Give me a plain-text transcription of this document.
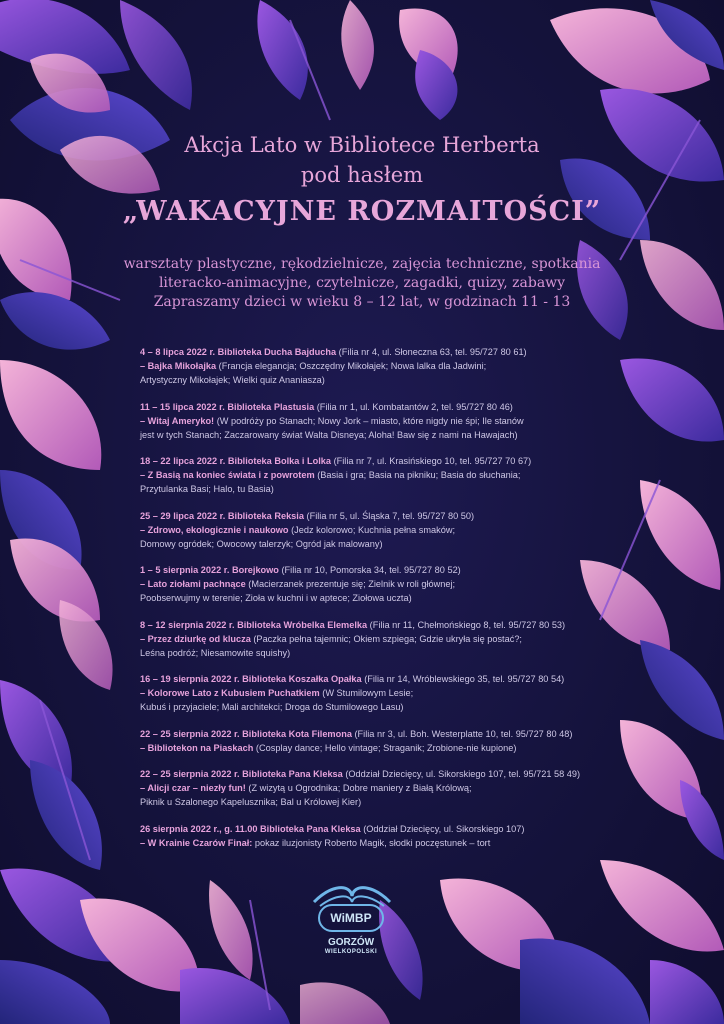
Akcja Lato w Bibliotece Herberta
pod hasłem
„WAKACYJNE ROZMAITOŚCI”
warsztaty plastyczne, rękodzielnicze, zajęcia techniczne, spotkania
literacko-animacyjne, czytelnicze, zagadki, quizy, zabawy
Zapraszamy dzieci w wieku 8 – 12 lat, w godzinach 11 - 13
4 – 8 lipca 2022 r. Biblioteka Ducha Bajducha (Filia nr 4, ul. Słoneczna 63, tel. 95/727 80 61)
– Bajka Mikołajka (Francja elegancja; Oszczędny Mikołajek; Nowa lalka dla Jadwini;
Artystyczny Mikołajek; Wielki quiz Ananiasza)
11 – 15 lipca 2022 r. Biblioteka Plastusia (Filia nr 1, ul. Kombatantów 2, tel. 95/727 80 46)
– Witaj Ameryko! (W podróży po Stanach; Nowy Jork – miasto, które nigdy nie śpi; Ile stanów
jest w tych Stanach; Zaczarowany świat Walta Disneya; Aloha! Baw się z nami na Hawajach)
18 – 22 lipca 2022 r. Biblioteka Bolka i Lolka (Filia nr 7, ul. Krasińskiego 10, tel. 95/727 70 67)
– Z Basią na koniec świata i z powrotem (Basia i gra; Basia na pikniku; Basia do słuchania;
Przytulanka Basi; Halo, tu Basia)
25 – 29 lipca 2022 r. Biblioteka Reksia (Filia nr 5, ul. Śląska 7, tel. 95/727 80 50)
– Zdrowo, ekologicznie i naukowo (Jedz kolorowo; Kuchnia pełna smaków;
Domowy ogródek; Owocowy talerzyk; Ogród jak malowany)
1 – 5 sierpnia 2022 r. Borejkowo (Filia nr 10, Pomorska 34, tel. 95/727 80 52)
– Lato ziołami pachnące (Macierzanek prezentuje się; Zielnik w roli głównej;
Poobserwujmy w terenie; Zioła w kuchni i w aptece; Ziołowa uczta)
8 – 12 sierpnia 2022 r. Biblioteka Wróbelka Elemelka (Filia nr 11, Chełmońskiego 8, tel. 95/727 80 53)
– Przez dziurkę od klucza (Paczka pełna tajemnic; Okiem szpiega; Gdzie ukryła się postać?;
Leśna podróż; Niesamowite squishy)
16 – 19 sierpnia 2022 r. Biblioteka Koszałka Opałka (Filia nr 14, Wróblewskiego 35, tel. 95/727 80 54)
– Kolorowe Lato z Kubusiem Puchatkiem (W Stumilowym Lesie;
Kubuś i przyjaciele; Mali architekci; Droga do Stumilowego Lasu)
22 – 25 sierpnia 2022 r. Biblioteka Kota Filemona (Filia nr 3, ul. Boh. Westerplatte 10, tel. 95/727 80 48)
– Bibliotekon na Piaskach (Cosplay dance; Hello vintage; Straganik; Zrobione-nie kupione)
22 – 25 sierpnia 2022 r. Biblioteka Pana Kleksa (Oddział Dziecięcy, ul. Sikorskiego 107, tel. 95/721 58 49)
– Alicji czar – niezły fun! (Z wizytą u Ogrodnika; Dobre maniery z Białą Królową;
Piknik u Szalonego Kapelusznika; Bal u Królowej Kier)
26 sierpnia 2022 r., g. 11.00 Biblioteka Pana Kleksa (Oddział Dziecięcy, ul. Sikorskiego 107)
– W Krainie Czarów Finał: pokaz iluzjonisty Roberto Magik, słodki poczęstunek – tort
WiMBP
GORZÓW
WIELKOPOLSKI
